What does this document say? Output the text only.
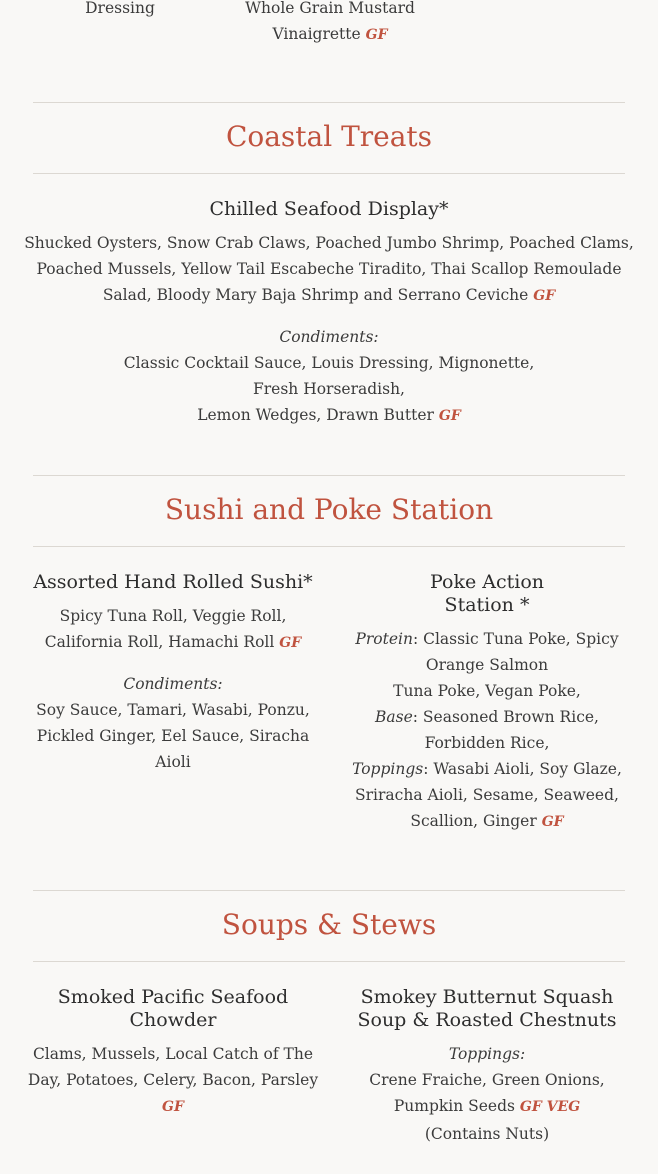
Dressing	Whole Grain Mustard
Vinaigrette GF
Coastal Treats
Chilled Seafood Display*
Shucked Oysters, Snow Crab Claws, Poached Jumbo Shrimp, Poached Clams,
Poached Mussels, Yellow Tail Escabeche Tiradito, Thai Scallop Remoulade
Salad, Bloody Mary Baja Shrimp and Serrano Ceviche GF
Condiments:
Classic Cocktail Sauce, Louis Dressing, Mignonette,
Fresh Horseradish,
Lemon Wedges, Drawn Butter GF
Sushi and Poke Station
Assorted Hand Rolled Sushi*
Spicy Tuna Roll, Veggie Roll,
California Roll, Hamachi Roll GF
Condiments:
Soy Sauce, Tamari, Wasabi, Ponzu,
Pickled Ginger, Eel Sauce, Siracha
Aioli
Poke Action
Station *
Protein: Classic Tuna Poke, Spicy
Orange Salmon
Tuna Poke, Vegan Poke,
Base: Seasoned Brown Rice,
Forbidden Rice,
Toppings: Wasabi Aioli, Soy Glaze,
Sriracha Aioli, Sesame, Seaweed,
Scallion, Ginger GF
Soups & Stews
Smoked Pacific Seafood
Chowder
Clams, Mussels, Local Catch of The
Day, Potatoes, Celery, Bacon, Parsley
GF
Smokey Butternut Squash
Soup & Roasted Chestnuts
Toppings:
Crene Fraiche, Green Onions,
Pumpkin Seeds GF VEG
(Contains Nuts)
